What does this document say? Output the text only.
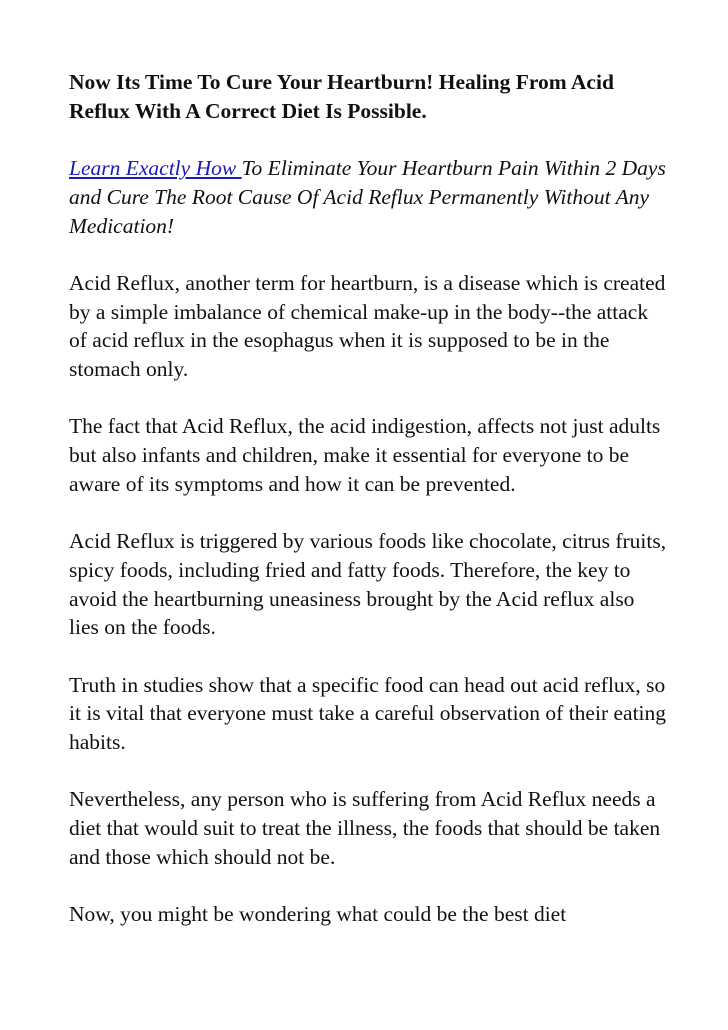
Now Its Time To Cure Your Heartburn! Healing From Acid Reflux With A Correct Diet Is Possible.

Learn Exactly How To Eliminate Your Heartburn Pain Within 2 Days and Cure The Root Cause Of Acid Reflux Permanently Without Any Medication!

Acid Reflux, another term for heartburn, is a disease which is created by a simple imbalance of chemical make-up in the body--the attack of acid reflux in the esophagus when it is supposed to be in the stomach only.

The fact that Acid Reflux, the acid indigestion, affects not just adults but also infants and children, make it essential for everyone to be aware of its symptoms and how it can be prevented.

Acid Reflux is triggered by various foods like chocolate, citrus fruits, spicy foods, including fried and fatty foods. Therefore, the key to avoid the heartburning uneasiness brought by the Acid reflux also lies on the foods.

Truth in studies show that a specific food can head out acid reflux, so it is vital that everyone must take a careful observation of their eating habits.

Nevertheless, any person who is suffering from Acid Reflux needs a diet that would suit to treat the illness, the foods that should be taken and those which should not be.

Now, you might be wondering what could be the best diet
